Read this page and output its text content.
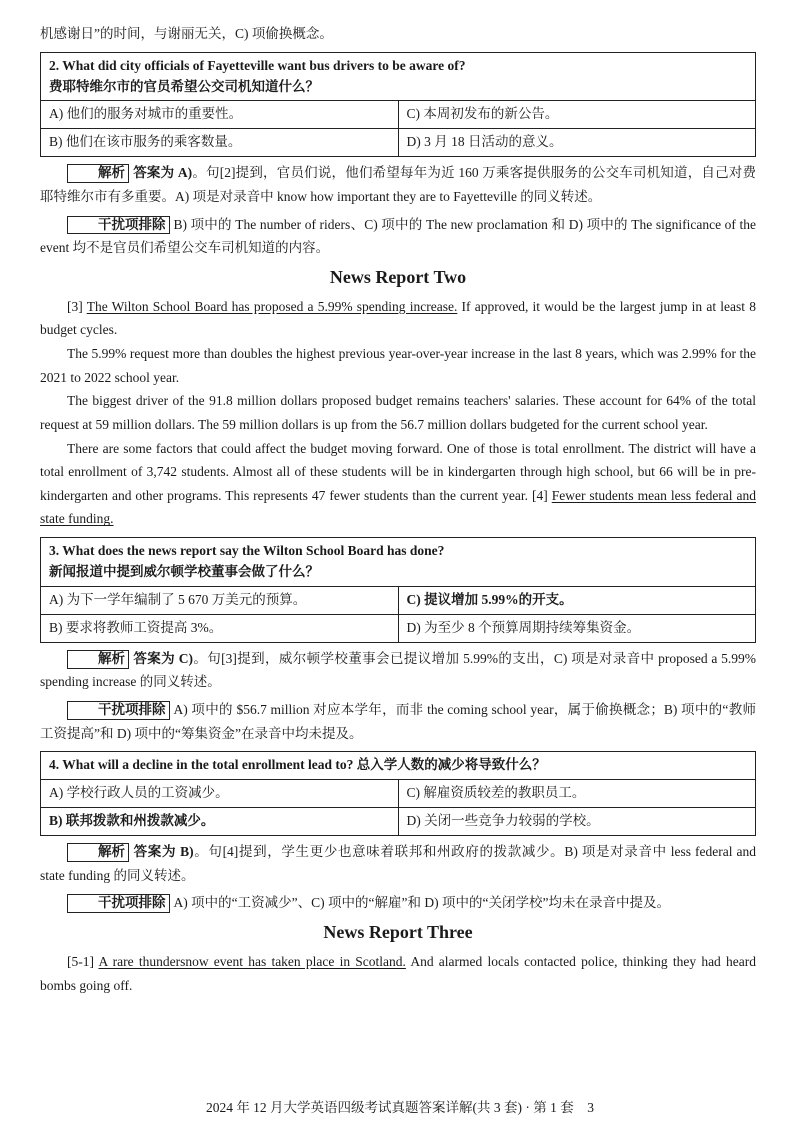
机感谢日”的时间，与谢丽无关，C) 项偷换概念。

2. What did city officials of Fayetteville want bus drivers to be aware of?
费耶特维尔市的官员希望公交司机知道什么？	

A) 他们的服务对城市的重要性。	C) 本周初发布的新公告。
B) 他们在该市服务的乘客数量。	D) 3 月 18 日活动的意义。

解析 答案为 A)。句[2]提到，官员们说，他们希望每年为近 160 万乘客提供服务的公交车司机知道，自己对费耶特维尔市有多重要。A) 项是对录音中 know how important they are to Fayetteville 的同义转述。

干扰项排除 B) 项中的 The number of riders、C) 项中的 The new proclamation 和 D) 项中的 The significance of the event 均不是官员们希望公交车司机知道的内容。

News Report Two

[3] The Wilton School Board has proposed a 5.99% spending increase. If approved, it would be the largest jump in at least 8 budget cycles.

The 5.99% request more than doubles the highest previous year-over-year increase in the last 8 years, which was 2.99% for the 2021 to 2022 school year.

The biggest driver of the 91.8 million dollars proposed budget remains teachers' salaries. These account for 64% of the total request at 59 million dollars. The 59 million dollars is up from the 56.7 million dollars budgeted for the current school year.

There are some factors that could affect the budget moving forward. One of those is total enrollment. The district will have a total enrollment of 3,742 students. Almost all of these students will be in kindergarten through high school, but 66 will be in pre-kindergarten and other programs. This represents 47 fewer students than the current year. [4] Fewer students mean less federal and state funding.

3. What does the news report say the Wilton School Board has done?
新闻报道中提到威尔顿学校董事会做了什么？	

A) 为下一学年编制了 5 670 万美元的预算。	C) 提议增加 5.99%的开支。
B) 要求将教师工资提高 3%。	D) 为至少 8 个预算周期持续筹集资金。

解析 答案为 C)。句[3]提到，威尔顿学校董事会已提议增加 5.99%的支出，C) 项是对录音中 proposed a 5.99% spending increase 的同义转述。

干扰项排除 A) 项中的 $56.7 million 对应本学年，而非 the coming school year，属于偷换概念；B) 项中的“教师工资提高”和 D) 项中的“筹集资金”在录音中均未提及。

4. What will a decline in the total enrollment lead to? 总入学人数的减少将导致什么？	
A) 学校行政人员的工资减少。	C) 解雇资质较差的教职员工。
B) 联邦拨款和州拨款减少。	D) 关闭一些竞争力较弱的学校。

解析 答案为 B)。句[4]提到，学生更少也意味着联邦和州政府的拨款减少。B) 项是对录音中 less federal and state funding 的同义转述。

干扰项排除 A) 项中的“工资减少”、C) 项中的“解雇”和 D) 项中的“关闭学校”均未在录音中提及。

News Report Three

[5-1] A rare thundersnow event has taken place in Scotland. And alarmed locals contacted police, thinking they had heard bombs going off.

2024 年 12 月大学英语四级考试真题答案详解(共 3 套) · 第 1 套　3
